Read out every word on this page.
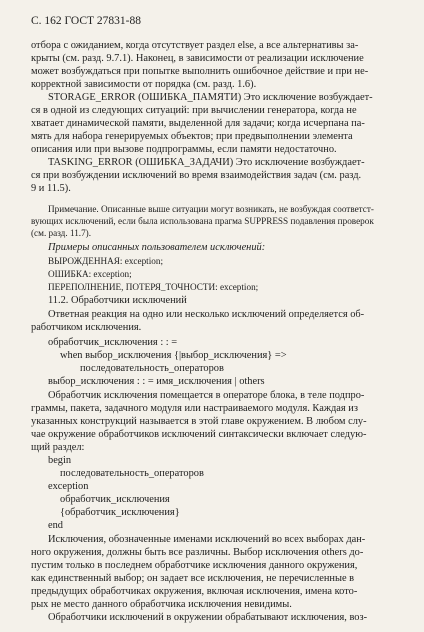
С. 162 ГОСТ 27831-88
отбора с ожиданием, когда отсутствует раздел else, а все альтернативы за-
крыты (см. разд. 9.7.1). Наконец, в зависимости от реализации исключение
может возбуждаться при попытке выполнить ошибочное действие и при не-
корректной зависимости от порядка (см. разд. 1.6).
STORAGE_ERROR (ОШИБКА_ПАМЯТИ) Это исключение возбуждает-
ся в одной из следующих ситуаций: при вычислении генератора, когда не
хватает динамической памяти, выделенной для задачи; когда исчерпана па-
мять для набора генерируемых объектов; при предвыполнении элемента
описания или при вызове подпрограммы, если памяти недостаточно.
TASKING_ERROR (ОШИБКА_ЗАДАЧИ) Это исключение возбуждает-
ся при возбуждении исключений во время взаимодействия задач (см. разд.
9 и 11.5).
Примечание. Описанные выше ситуации могут возникать, не возбуждая соответст-
вующих исключений, если была использована прагма SUPPRESS подавления проверок
(см. разд. 11.7).
Примеры описанных пользователем исключений:
ВЫРОЖДЕННАЯ: exception;
ОШИБКА: exception;
ПЕРЕПОЛНЕНИЕ, ПОТЕРЯ_ТОЧНОСТИ: exception;
11.2. Обработчики исключений
Ответная реакция на одно или несколько исключений определяется об-
работчиком исключения.
обработчик_исключения : : =
when выбор_исключения {|выбор_исключения} =>
последовательность_операторов
выбор_исключения : : = имя_исключения | others
Обработчик исключения помещается в операторе блока, в теле подпро-
граммы, пакета, задачного модуля или настраиваемого модуля. Каждая из
указанных конструкций называется в этой главе окружением. В любом слу-
чае окружение обработчиков исключений синтаксически включает следую-
щий раздел:
begin
последовательность_операторов
exception
обработчик_исключения
{обработчик_исключения}
end
Исключения, обозначенные именами исключений во всех выборах дан-
ного окружения, должны быть все различны. Выбор исключения others до-
пустим только в последнем обработчике исключения данного окружения,
как единственный выбор; он задает все исключения, не перечисленные в
предыдущих обработчиках окружения, включая исключения, имена кото-
рых не место данного обработчика исключения невидимы.
Обработчики исключений в окружении обрабатывают исключения, воз-
